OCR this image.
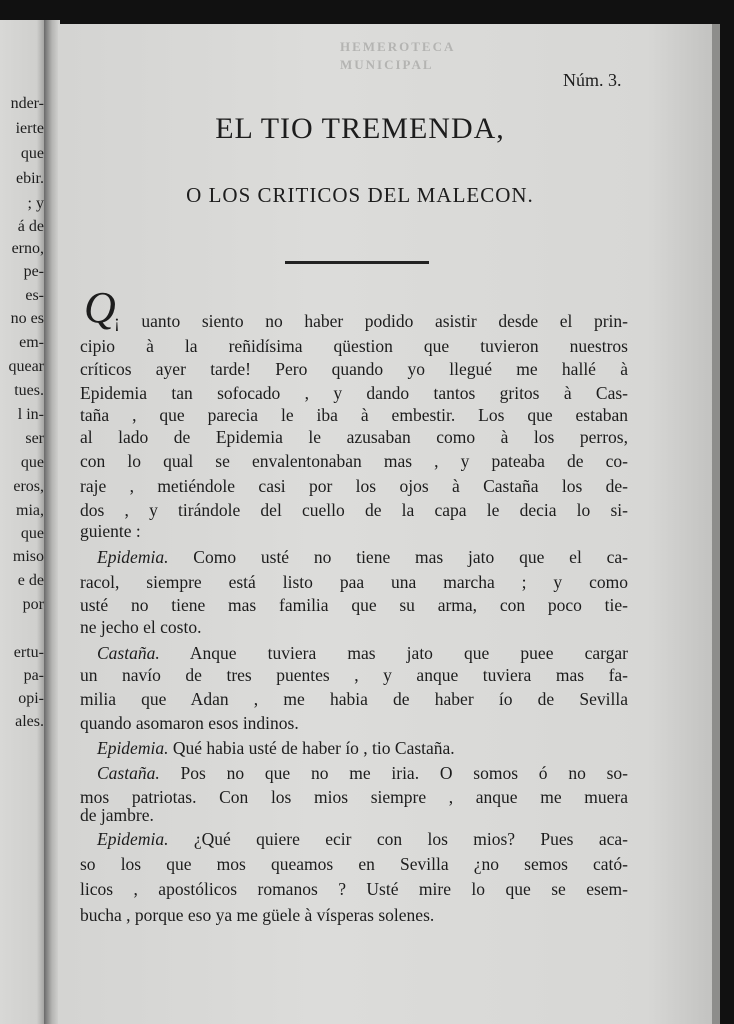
nder-
ierte
que
ebir.
; y
á de
erno,
pe-
es-
no es
em-
quear
tues.
l in-
ser
que
eros,
mia,
que
miso
e de
por
ertu-
pa-
opi-
ales.
HEMEROTECA
MUNICIPAL
Núm. 3.
EL TIO TREMENDA,
O LOS CRITICOS DEL MALECON.
Q
¡ uanto siento no haber podido asistir desde el prin-
cipio à la reñidísima qüestion que tuvieron nuestros
críticos ayer tarde! Pero quando yo llegué me hallé à
Epidemia tan sofocado , y dando tantos gritos à Cas-
taña , que parecia le iba à embestir. Los que estaban
al lado de Epidemia le azusaban como à los perros,
con lo qual se envalentonaban mas , y pateaba de co-
raje , metiéndole casi por los ojos à Castaña los de-
dos , y tirándole del cuello de la capa le decia lo si-
guiente :
Epidemia. Como usté no tiene mas jato que el ca-
racol, siempre está listo paa una marcha ; y como
usté no tiene mas familia que su arma, con poco tie-
ne jecho el costo.
Castaña. Anque tuviera mas jato que puee cargar
un navío de tres puentes , y anque tuviera mas fa-
milia que Adan , me habia de haber ío de Sevilla
quando asomaron esos indinos.
Epidemia. Qué habia usté de haber ío , tio Castaña.
Castaña. Pos no que no me iria. O somos ó no so-
mos patriotas. Con los mios siempre , anque me muera
de jambre.
Epidemia. ¿Qué quiere ecir con los mios? Pues aca-
so los que mos queamos en Sevilla ¿no semos cató-
licos , apostólicos romanos ? Usté mire lo que se esem-
bucha , porque eso ya me güele à vísperas solenes.
